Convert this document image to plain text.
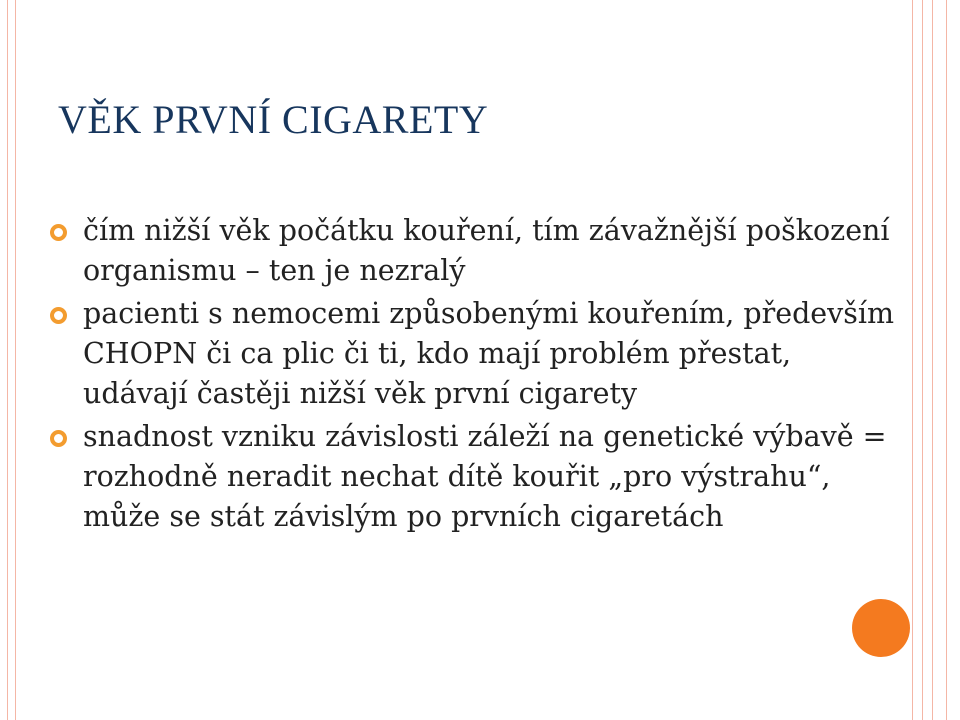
VĚK PRVNÍ CIGARETY
čím nižší věk počátku kouření, tím závažnější poškození organismu – ten je nezralý
pacienti s nemocemi způsobenými kouřením, především CHOPN či ca plic či ti, kdo mají problém přestat, udávají častěji nižší věk první cigarety
snadnost vzniku závislosti záleží na genetické výbavě = rozhodně neradit nechat dítě kouřit „pro výstrahu“, může se stát závislým po prvních cigaretách
